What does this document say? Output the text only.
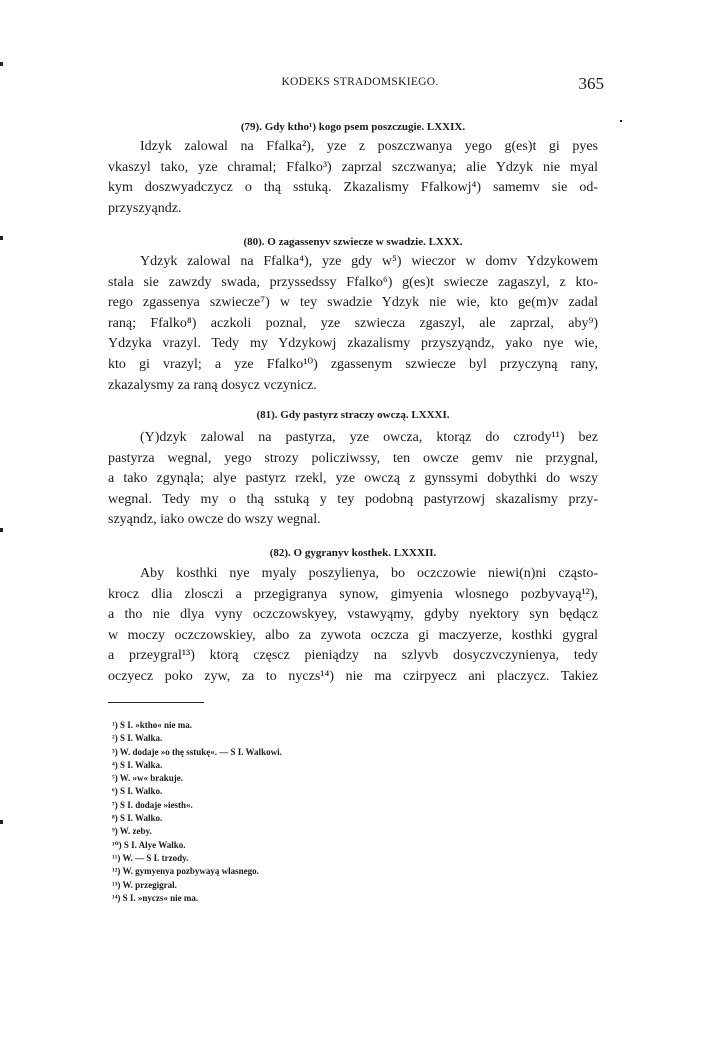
KODEKS STRADOMSKIEGO.	365
(79). Gdy ktho¹) kogo psem poszczugie. LXXIX.
Idzyk zalowal na Ffalka²), yze z poszczwanya yego g(es)t gi pyes
vkaszyl tako, yze chramal; Ffalko³) zaprzal szczwanya; alie Ydzyk nie myal
kym doszwyadczycz o thą sstuką. Zkazalismy Ffalkowj⁴) samemv sie od-
przyszyąndz.
(80). O zagassenyv szwiecze w swadzie. LXXX.
Ydzyk zalowal na Ffalka⁴), yze gdy w⁵) wieczor w domv Ydzykowem
stala sie zawzdy swada, przyssedssy Ffalko⁶) g(es)t swiecze zagaszyl, z kto-
rego zgassenya szwiecze⁷) w tey swadzie Ydzyk nie wie, kto ge(m)v zadal
raną; Ffalko⁸) aczkoli poznal, yze szwiecza zgaszyl, ale zaprzal, aby⁹)
Ydzyka vrazyl. Tedy my Ydzykowj zkazalismy przyszyąndz, yako nye wie,
kto gi vrazyl; a yze Ffalko¹⁰) zgassenym szwiecze byl przyczyną rany,
zkazalysmy za raną dosycz vczynicz.
(81). Gdy pastyrz straczy owczą. LXXXI.
(Y)dzyk zalowal na pastyrza, yze owcza, ktorąz do czrody¹¹) bez
pastyrza wegnal, yego strozy policziwssy, ten owcze gemv nie przygnal,
a tako zgynąla; alye pastyrz rzekl, yze owczą z gynssymi dobythki do wszy
wegnal. Tedy my o thą sstuką y tey podobną pastyrzowj skazalismy przy-
szyąndz, iako owcze do wszy wegnal.
(82). O gygranyv kosthek. LXXXII.
Aby kosthki nye myaly poszylienya, bo oczczowie niewi(n)ni cząsto-
krocz dlia zlosczi a przegigranya synow, gimyenia wlosnego pozbyvayą¹²),
a tho nie dlya vyny oczczowskyey, vstawyąmy, gdyby nyektory syn będącz
w moczy oczczowskiey, albo za zywota oczcza gi maczyerze, kosthki gygral
a przeygral¹³) ktorą częscz pieniądzy na szlyvb dosyczvczynienya, tedy
oczyecz poko zyw, za to nyczs¹⁴) nie ma czirpyecz ani placzycz. Takiez
¹) S I. »ktho« nie ma.
²) S I. Walka.
³) W. dodaje »o thę sstukę«. — S I. Walkowi.
⁴) S I. Walka.
⁵) W. »w« brakuje.
⁶) S I. Walko.
⁷) S I. dodaje »iesth«.
⁸) S I. Walko.
⁹) W. zeby.
¹⁰) S I. Alye Walko.
¹¹) W. — S I. trzody.
¹²) W. gymyenya pozbywayą wlasnego.
¹³) W. przegigral.
¹⁴) S I. »nyczs« nie ma.
